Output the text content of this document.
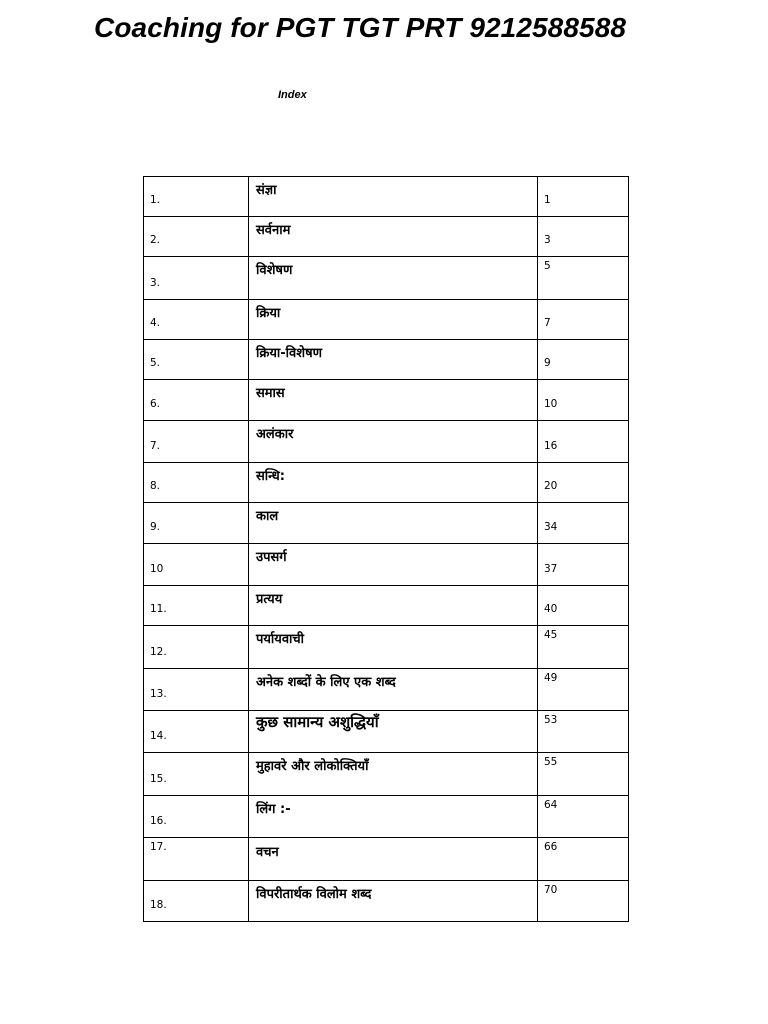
Coaching for PGT TGT PRT 9212588588
Index
1.	संज्ञा	1

2.	सर्वनाम	3

3.	विशेषण	5

4.	क्रिया	7

5.	क्रिया-विशेषण	9

6.	समास	10

7.	अलंकार	16

8.	सन्धि:	20

9.	काल	34

10	उपसर्ग	37

11.	प्रत्यय	40

12.	पर्यायवाची	45

13.	अनेक शब्दों के लिए एक शब्द	49

14.	कुछ सामान्य अशुद्धियाँ	53

15.	मुहावरे और लोकोक्तियाँ	55

16.	लिंग :-	64

17.	वचन	66

18.	विपरीतार्थक विलोम शब्द	70
